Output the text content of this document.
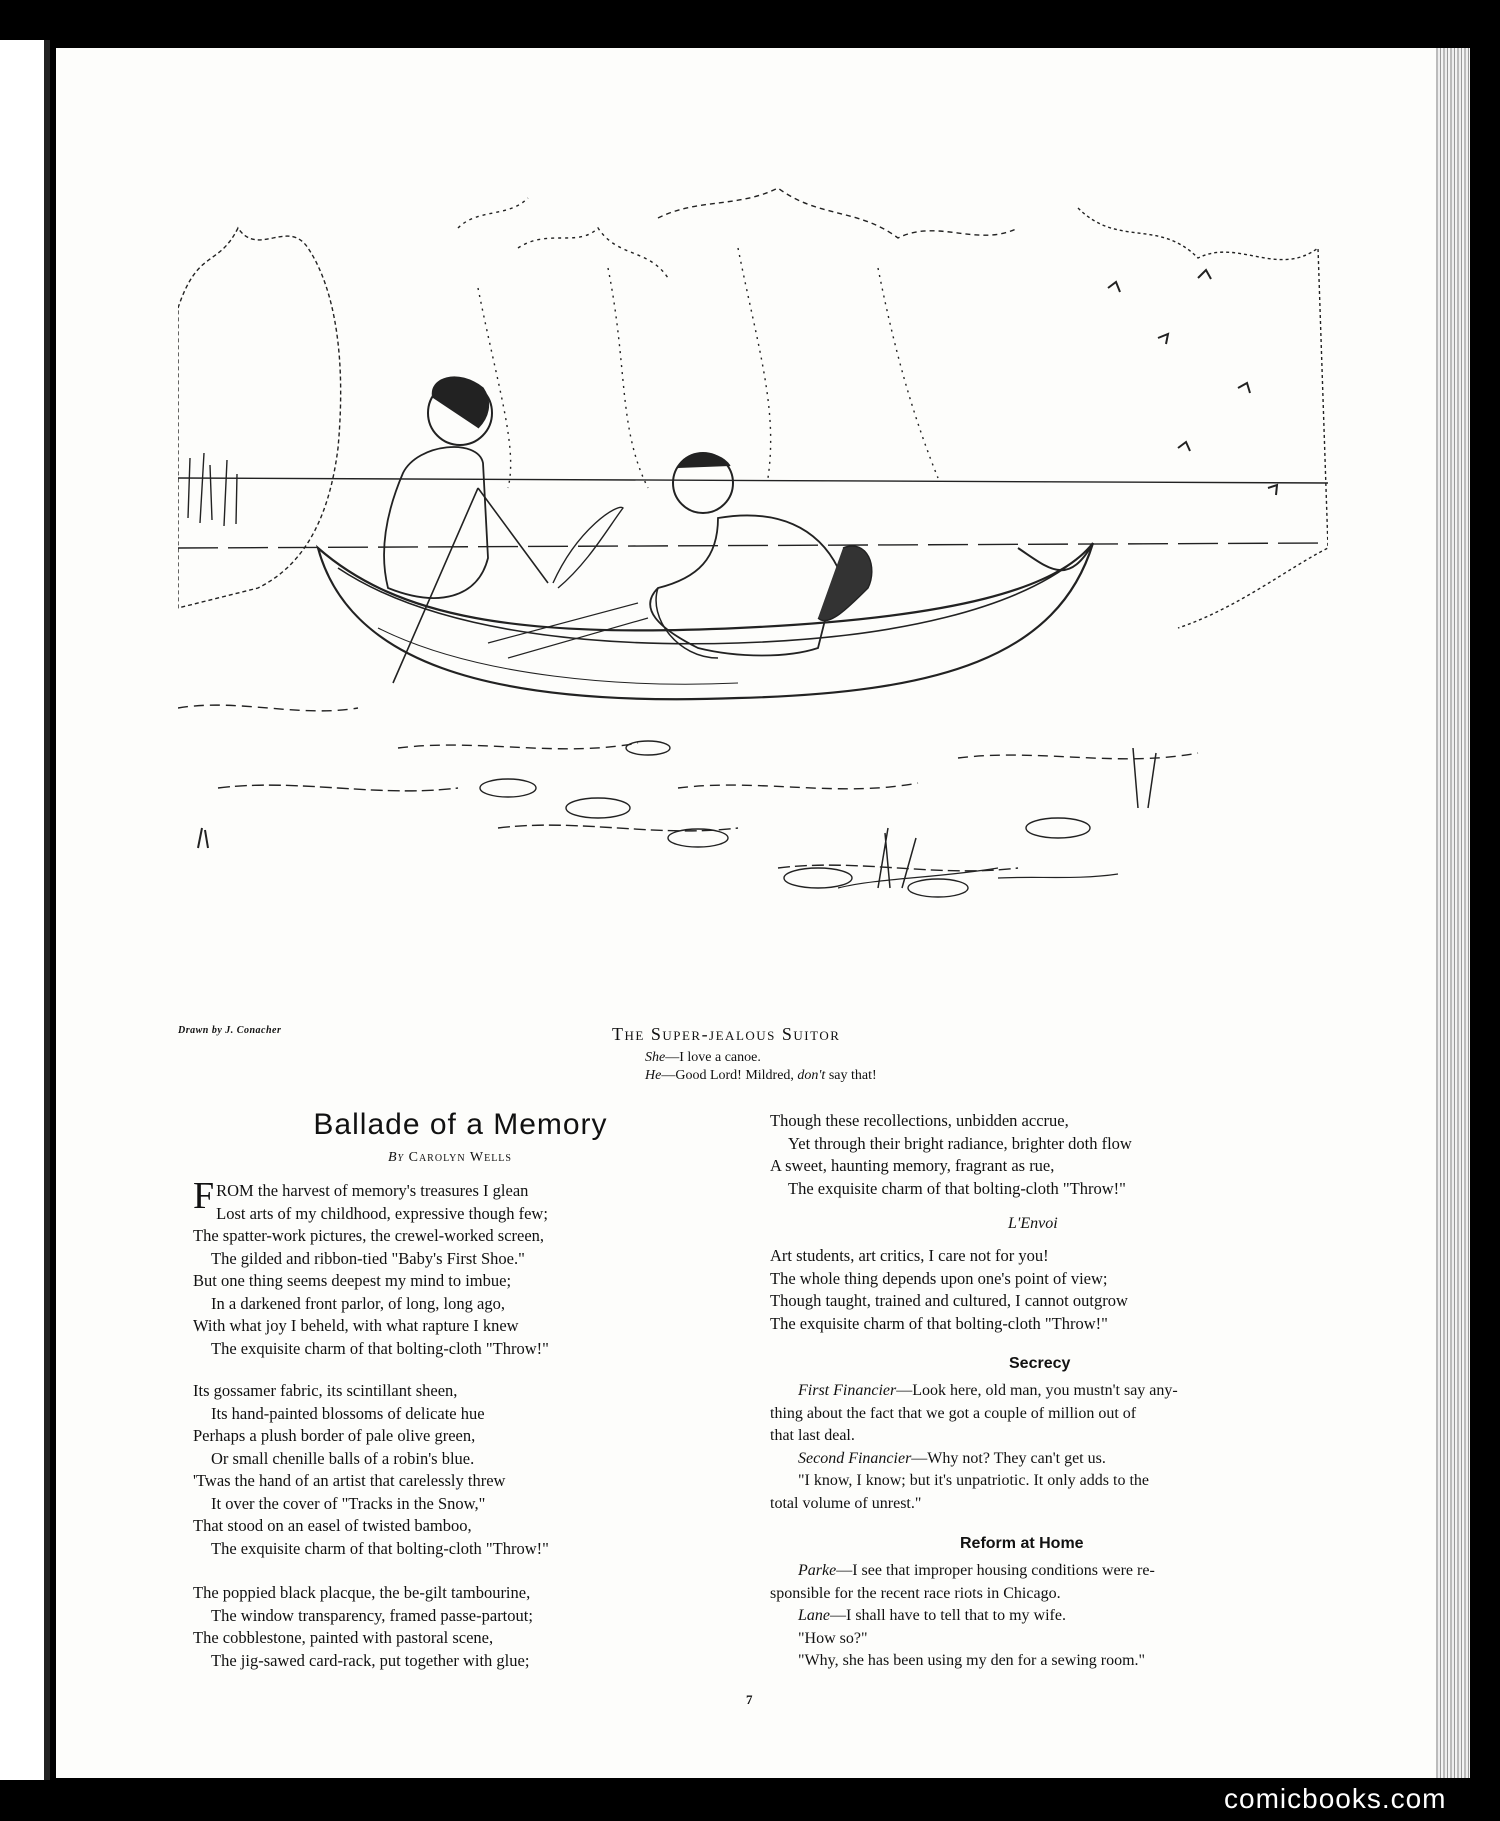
Drawn by J. Conacher	The Super-jealous Suitor
She—I love a canoe.
He—Good Lord! Mildred, don't say that!
Ballade of a Memory
By Carolyn Wells
F ROM the harvest of memory's treasures I glean
Lost arts of my childhood, expressive though few;
The spatter-work pictures, the crewel-worked screen,
The gilded and ribbon-tied "Baby's First Shoe."
But one thing seems deepest my mind to imbue;
In a darkened front parlor, of long, long ago,
With what joy I beheld, with what rapture I knew
The exquisite charm of that bolting-cloth "Throw!"
Its gossamer fabric, its scintillant sheen,
Its hand-painted blossoms of delicate hue
Perhaps a plush border of pale olive green,
Or small chenille balls of a robin's blue.
'Twas the hand of an artist that carelessly threw
It over the cover of "Tracks in the Snow,"
That stood on an easel of twisted bamboo,
The exquisite charm of that bolting-cloth "Throw!"
The poppied black placque, the be-gilt tambourine,
The window transparency, framed passe-partout;
The cobblestone, painted with pastoral scene,
The jig-sawed card-rack, put together with glue;
Though these recollections, unbidden accrue,
Yet through their bright radiance, brighter doth flow
A sweet, haunting memory, fragrant as rue,
The exquisite charm of that bolting-cloth "Throw!"
L'Envoi
Art students, art critics, I care not for you!
The whole thing depends upon one's point of view;
Though taught, trained and cultured, I cannot outgrow
The exquisite charm of that bolting-cloth "Throw!"
Secrecy
First Financier—Look here, old man, you mustn't say any-
thing about the fact that we got a couple of million out of
that last deal.
Second Financier—Why not? They can't get us.
"I know, I know; but it's unpatriotic. It only adds to the
total volume of unrest."
Reform at Home
Parke—I see that improper housing conditions were re-
sponsible for the recent race riots in Chicago.
Lane—I shall have to tell that to my wife.
"How so?"
"Why, she has been using my den for a sewing room."
7
comicbooks.com
